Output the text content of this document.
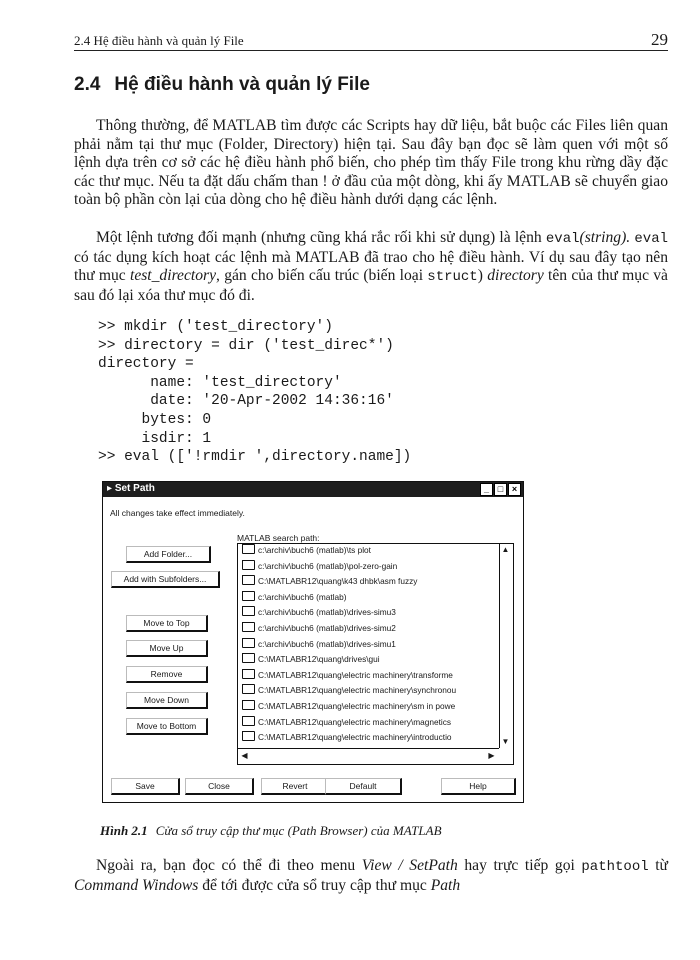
2.4 Hệ điều hành và quản lý File	29
2.4 Hệ điều hành và quản lý File

Thông thường, để MATLAB tìm được các Scripts hay dữ liệu, bắt buộc các Files liên quan phải nằm tại thư mục (Folder, Directory) hiện tại. Sau đây bạn đọc sẽ làm quen với một số lệnh dựa trên cơ sở các hệ điều hành phổ biến, cho phép tìm thấy File trong khu rừng dầy đặc các thư mục. Nếu ta đặt dấu chấm than ! ở đầu của một dòng, khi ấy MATLAB sẽ chuyển giao toàn bộ phần còn lại của dòng cho hệ điều hành dưới dạng các lệnh.

Một lệnh tương đối mạnh (nhưng cũng khá rắc rối khi sử dụng) là lệnh eval(string). eval có tác dụng kích hoạt các lệnh mà MATLAB đã trao cho hệ điều hành. Ví dụ sau đây tạo nên thư mục test_directory, gán cho biến cấu trúc (biến loại struct) directory tên của thư mục và sau đó lại xóa thư mục đó đi.

>> mkdir ('test_directory')
>> directory = dir ('test_direc*')
directory =
name: 'test_directory'
date: '20-Apr-2002 14:36:16'
bytes: 0
isdir: 1
>> eval (['!rmdir ',directory.name])
▸ Set Path	_ □ ×
All changes take effect immediately.
MATLAB search path:
Add Folder...
Add with Subfolders...
Move to Top
Move Up
Remove
Move Down
Move to Bottom
c:\archiv\buch6 (matlab)\ts plot
c:\archiv\buch6 (matlab)\pol-zero-gain
C:\MATLABR12\quang\k43 dhbk\asm fuzzy
c:\archiv\buch6 (matlab)
c:\archiv\buch6 (matlab)\drives-simu3
c:\archiv\buch6 (matlab)\drives-simu2
c:\archiv\buch6 (matlab)\drives-simu1
C:\MATLABR12\quang\drives\gui
C:\MATLABR12\quang\electric machinery\transforme
C:\MATLABR12\quang\electric machinery\synchronou
C:\MATLABR12\quang\electric machinery\sm in powe
C:\MATLABR12\quang\electric machinery\magnetics
C:\MATLABR12\quang\electric machinery\introductio
▲
▼
◀	▶
Save	Close	Revert	Default	Help
Hình 2.1 Cửa sổ truy cập thư mục (Path Browser) của MATLAB

Ngoài ra, bạn đọc có thể đi theo menu View / SetPath hay trực tiếp gọi pathtool từ Command Windows để tới được cửa sổ truy cập thư mục Path
